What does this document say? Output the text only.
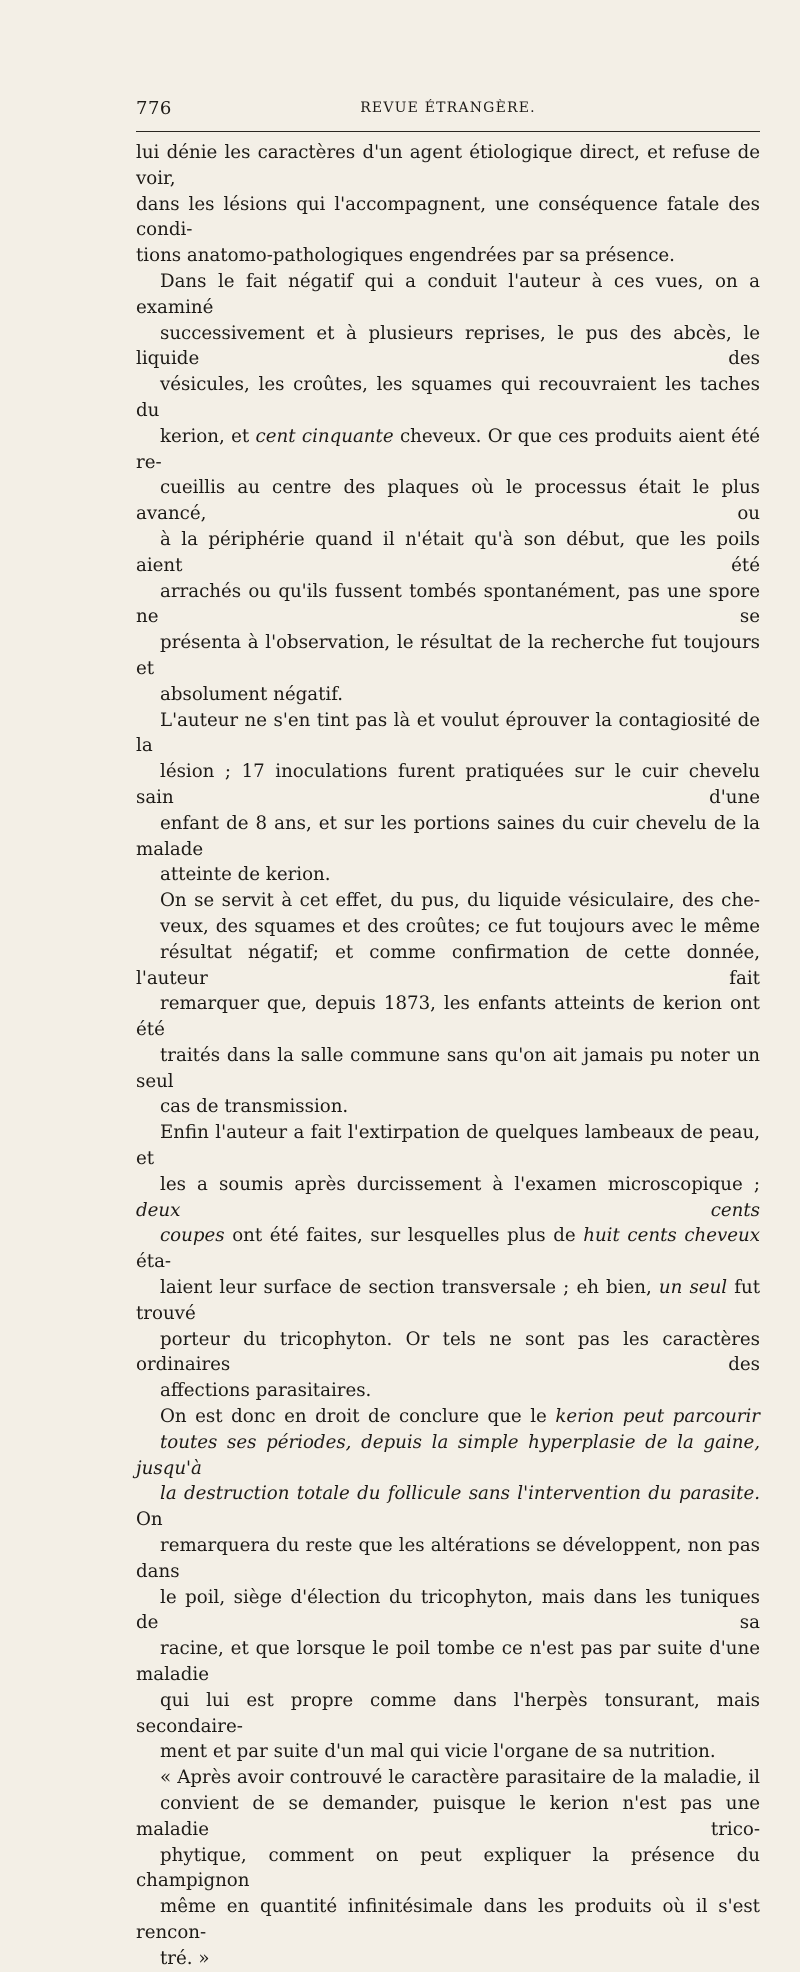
776	REVUE ÉTRANGÈRE.

lui dénie les caractères d'un agent étiologique direct, et refuse de voir,
dans les lésions qui l'accompagnent, une conséquence fatale des condi-
tions anatomo-pathologiques engendrées par sa présence.

Dans le fait négatif qui a conduit l'auteur à ces vues, on a examiné
successivement et à plusieurs reprises, le pus des abcès, le liquide des
vésicules, les croûtes, les squames qui recouvraient les taches du
kerion, et cent cinquante cheveux. Or que ces produits aient été re-
cueillis au centre des plaques où le processus était le plus avancé, ou
à la périphérie quand il n'était qu'à son début, que les poils aient été
arrachés ou qu'ils fussent tombés spontanément, pas une spore ne se
présenta à l'observation, le résultat de la recherche fut toujours et
absolument négatif.

L'auteur ne s'en tint pas là et voulut éprouver la contagiosité de la
lésion ; 17 inoculations furent pratiquées sur le cuir chevelu sain d'une
enfant de 8 ans, et sur les portions saines du cuir chevelu de la malade
atteinte de kerion.

On se servit à cet effet, du pus, du liquide vésiculaire, des che-
veux, des squames et des croûtes; ce fut toujours avec le même
résultat négatif; et comme confirmation de cette donnée, l'auteur fait
remarquer que, depuis 1873, les enfants atteints de kerion ont été
traités dans la salle commune sans qu'on ait jamais pu noter un seul
cas de transmission.

Enfin l'auteur a fait l'extirpation de quelques lambeaux de peau, et
les a soumis après durcissement à l'examen microscopique ; deux cents
coupes ont été faites, sur lesquelles plus de huit cents cheveux éta-
laient leur surface de section transversale ; eh bien, un seul fut trouvé
porteur du tricophyton. Or tels ne sont pas les caractères ordinaires des
affections parasitaires.

On est donc en droit de conclure que le kerion peut parcourir
toutes ses périodes, depuis la simple hyperplasie de la gaine, jusqu'à
la destruction totale du follicule sans l'intervention du parasite. On
remarquera du reste que les altérations se développent, non pas dans
le poil, siège d'élection du tricophyton, mais dans les tuniques de sa
racine, et que lorsque le poil tombe ce n'est pas par suite d'une maladie
qui lui est propre comme dans l'herpès tonsurant, mais secondaire-
ment et par suite d'un mal qui vicie l'organe de sa nutrition.

« Après avoir controuvé le caractère parasitaire de la maladie, il
convient de se demander, puisque le kerion n'est pas une maladie trico-
phytique, comment on peut expliquer la présence du champignon
même en quantité infinitésimale dans les produits où il s'est rencon-
tré. »
